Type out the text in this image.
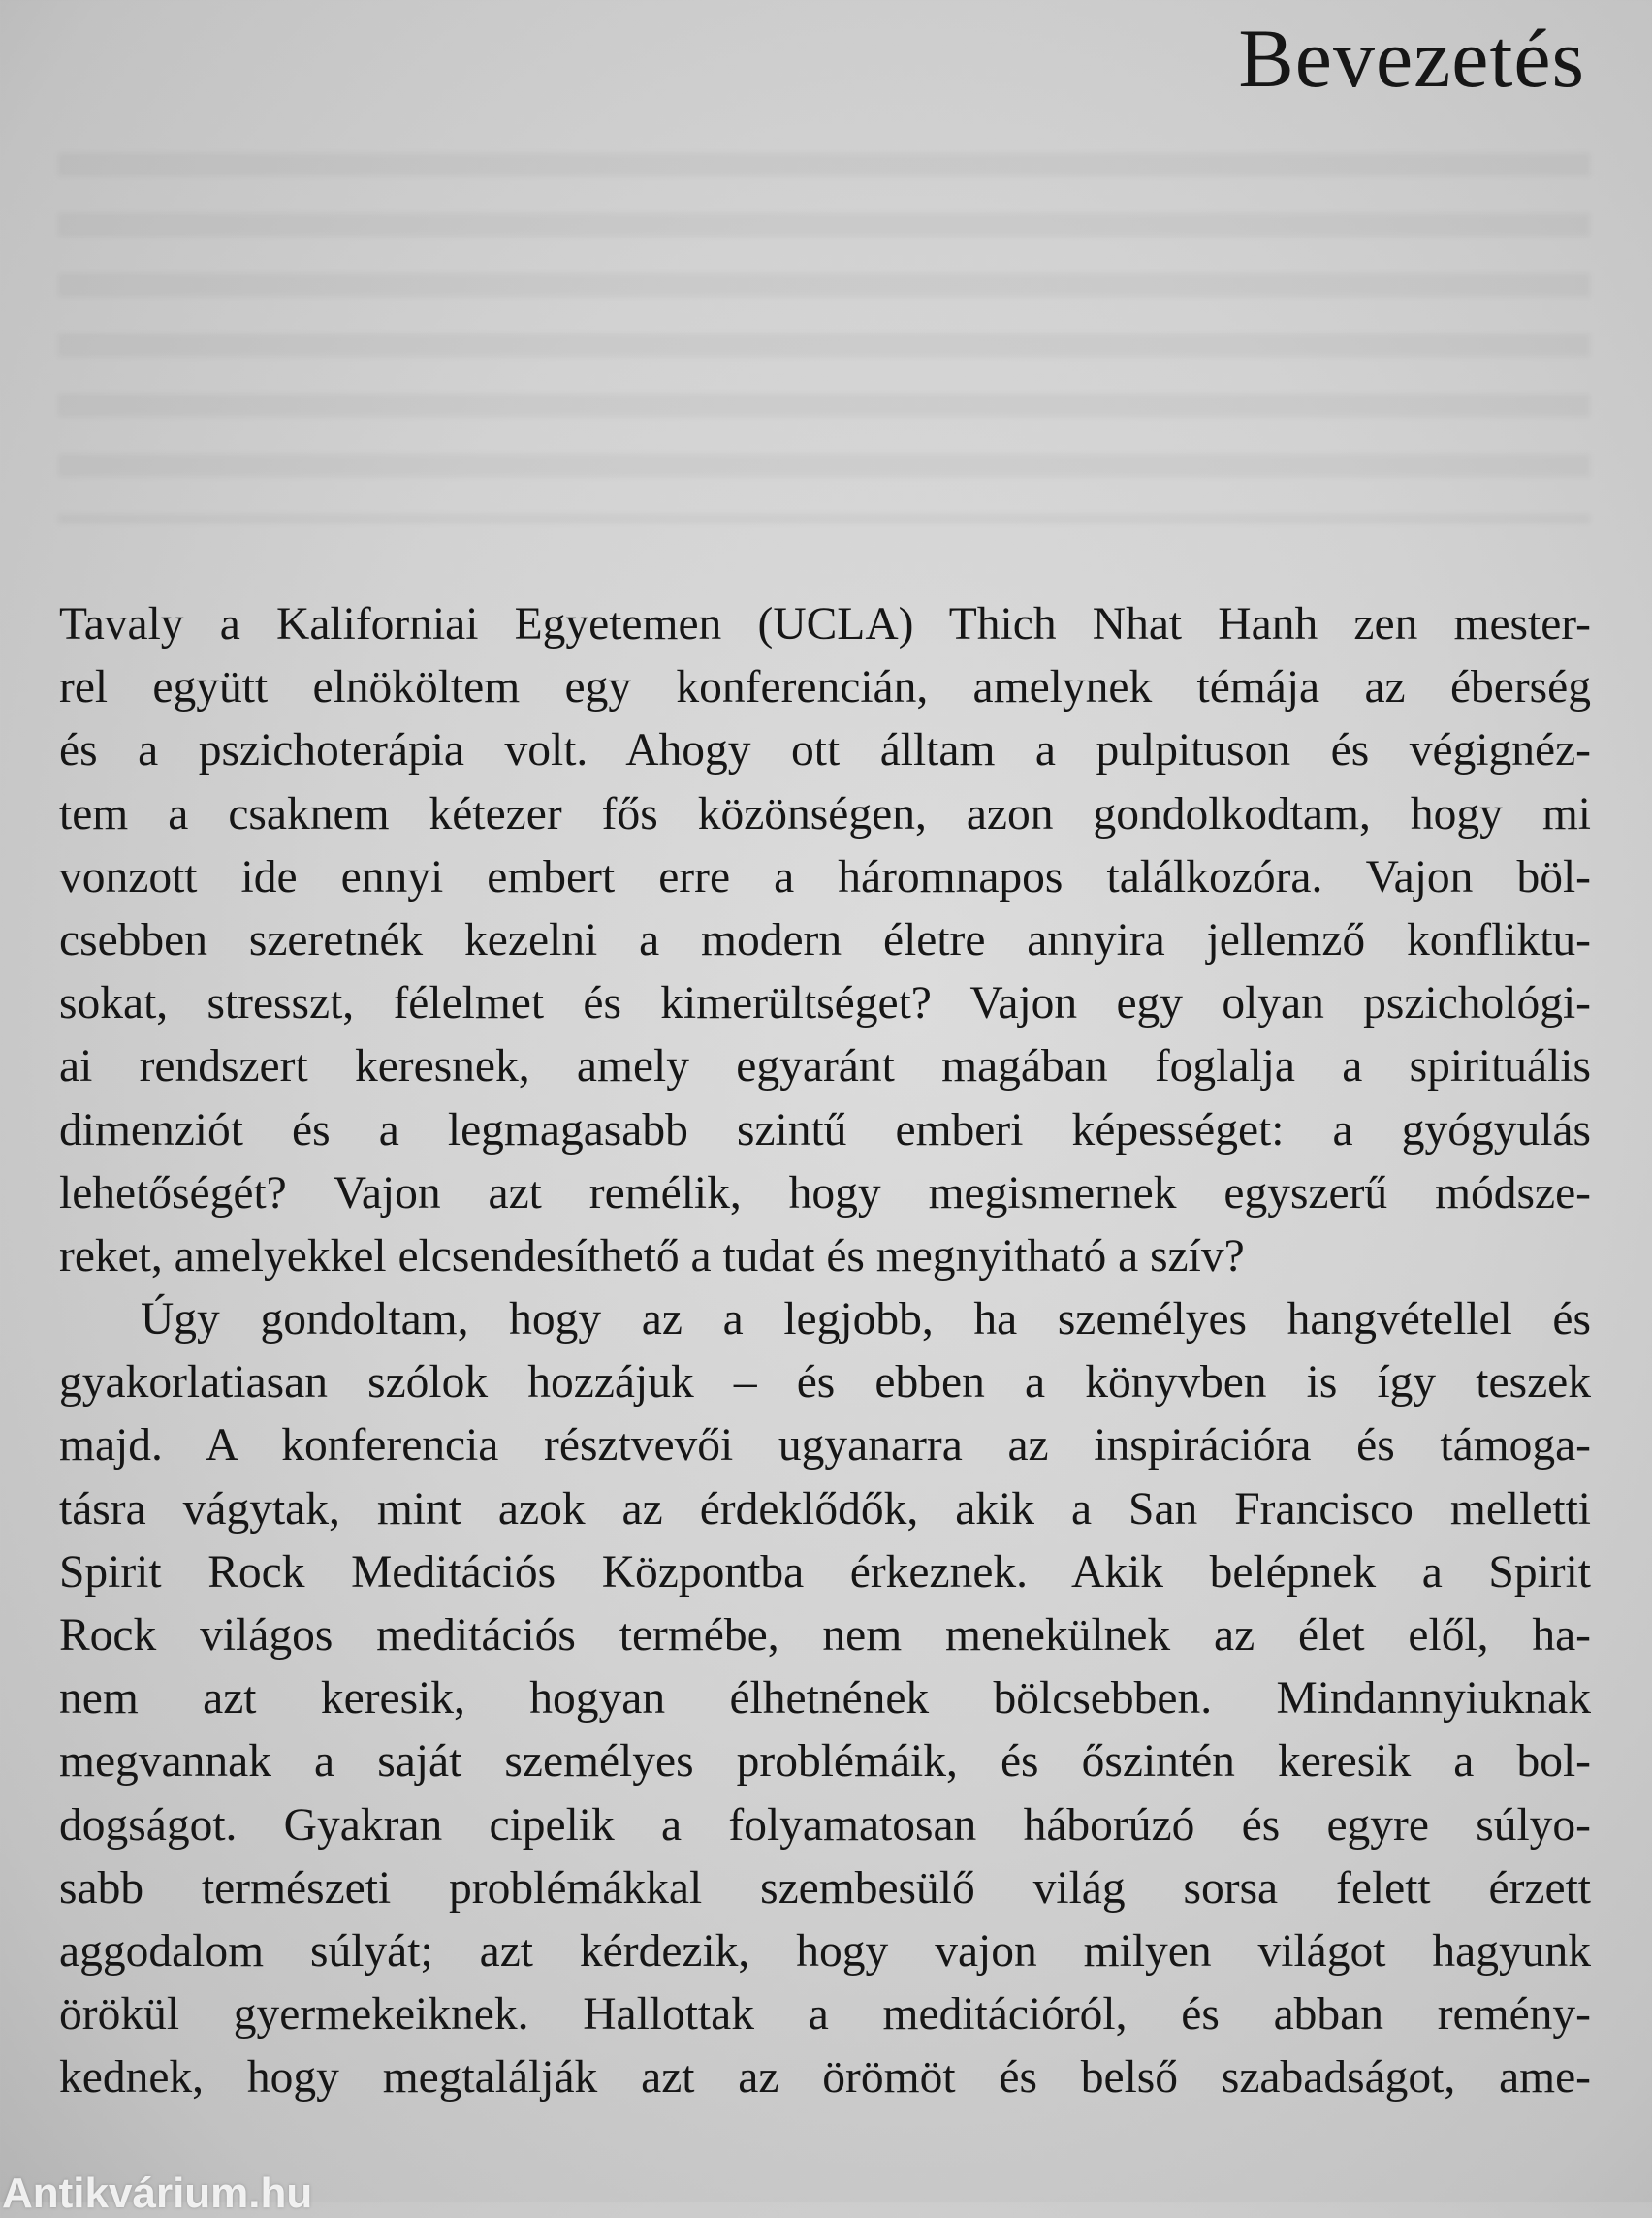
Bevezetés
Tavaly a Kaliforniai Egyetemen (UCLA) Thich Nhat Hanh zen mester-
rel együtt elnököltem egy konferencián, amelynek témája az éberség
és a pszichoterápia volt. Ahogy ott álltam a pulpituson és végignéz-
tem a csaknem kétezer fős közönségen, azon gondolkodtam, hogy mi
vonzott ide ennyi embert erre a háromnapos találkozóra. Vajon böl-
csebben szeretnék kezelni a modern életre annyira jellemző konfliktu-
sokat, stresszt, félelmet és kimerültséget? Vajon egy olyan pszichológi-
ai rendszert keresnek, amely egyaránt magában foglalja a spirituális
dimenziót és a legmagasabb szintű emberi képességet: a gyógyulás
lehetőségét? Vajon azt remélik, hogy megismernek egyszerű módsze-
reket, amelyekkel elcsendesíthető a tudat és megnyitható a szív?
Úgy gondoltam, hogy az a legjobb, ha személyes hangvétellel és
gyakorlatiasan szólok hozzájuk – és ebben a könyvben is így teszek
majd. A konferencia résztvevői ugyanarra az inspirációra és támoga-
tásra vágytak, mint azok az érdeklődők, akik a San Francisco melletti
Spirit Rock Meditációs Központba érkeznek. Akik belépnek a Spirit
Rock világos meditációs termébe, nem menekülnek az élet elől, ha-
nem azt keresik, hogyan élhetnének bölcsebben. Mindannyiuknak
megvannak a saját személyes problémáik, és őszintén keresik a bol-
dogságot. Gyakran cipelik a folyamatosan háborúzó és egyre súlyo-
sabb természeti problémákkal szembesülő világ sorsa felett érzett
aggodalom súlyát; azt kérdezik, hogy vajon milyen világot hagyunk
örökül gyermekeiknek. Hallottak a meditációról, és abban remény-
kednek, hogy megtalálják azt az örömöt és belső szabadságot, ame-
Antikvárium.hu
